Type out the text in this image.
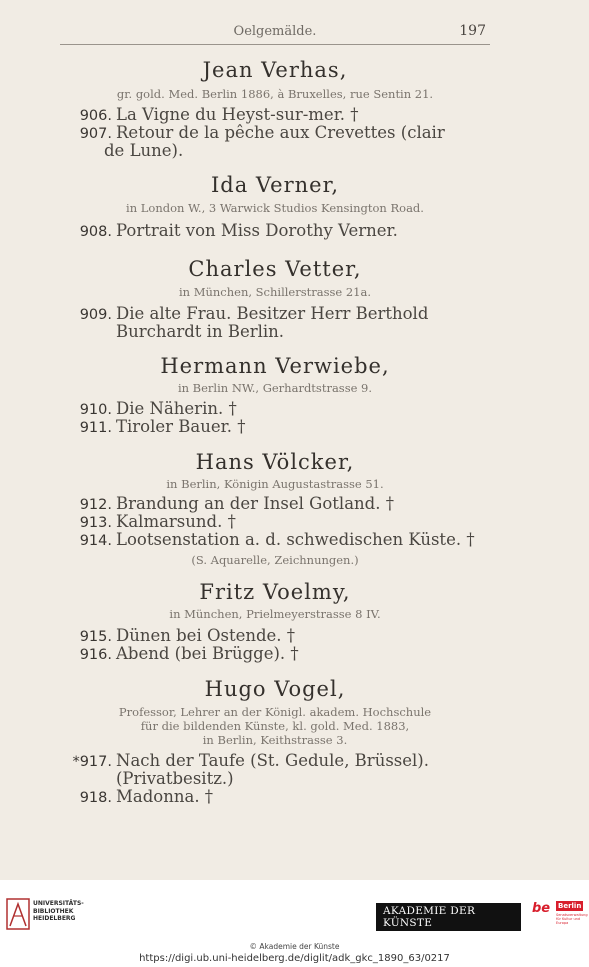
Oelgemälde.	197
Jean Verhas,
gr. gold. Med. Berlin 1886, à Bruxelles, rue Sentin 21.
906. La Vigne du Heyst-sur-mer. †
907. Retour de la pêche aux Crevettes (clair
de Lune).
Ida Verner,
in London W., 3 Warwick Studios Kensington Road.
908. Portrait von Miss Dorothy Verner.
Charles Vetter,
in München, Schillerstrasse 21a.
909. Die alte Frau. Besitzer Herr Berthold
Burchardt in Berlin.
Hermann Verwiebe,
in Berlin NW., Gerhardtstrasse 9.
910. Die Näherin. †
911. Tiroler Bauer. †
Hans Völcker,
in Berlin, Königin Augustastrasse 51.
912. Brandung an der Insel Gotland. †
913. Kalmarsund. †
914. Lootsenstation a. d. schwedischen Küste. †
(S. Aquarelle, Zeichnungen.)
Fritz Voelmy,
in München, Prielmeyerstrasse 8 IV.
915. Dünen bei Ostende. †
916. Abend (bei Brügge). †
Hugo Vogel,
Professor, Lehrer an der Königl. akadem. Hochschule
für die bildenden Künste, kl. gold. Med. 1883,
in Berlin, Keithstrasse 3.
*917. Nach der Taufe (St. Gedule, Brüssel).
(Privatbesitz.)
918. Madonna. †
UNIVERSITÄTS-
BIBLIOTHEK
HEIDELBERG
AKADEMIE DER KÜNSTE
be Berlin
Senatsverwaltung für Kultur und Europa
© Akademie der Künste
https://digi.ub.uni-heidelberg.de/diglit/adk_gkc_1890_63/0217
